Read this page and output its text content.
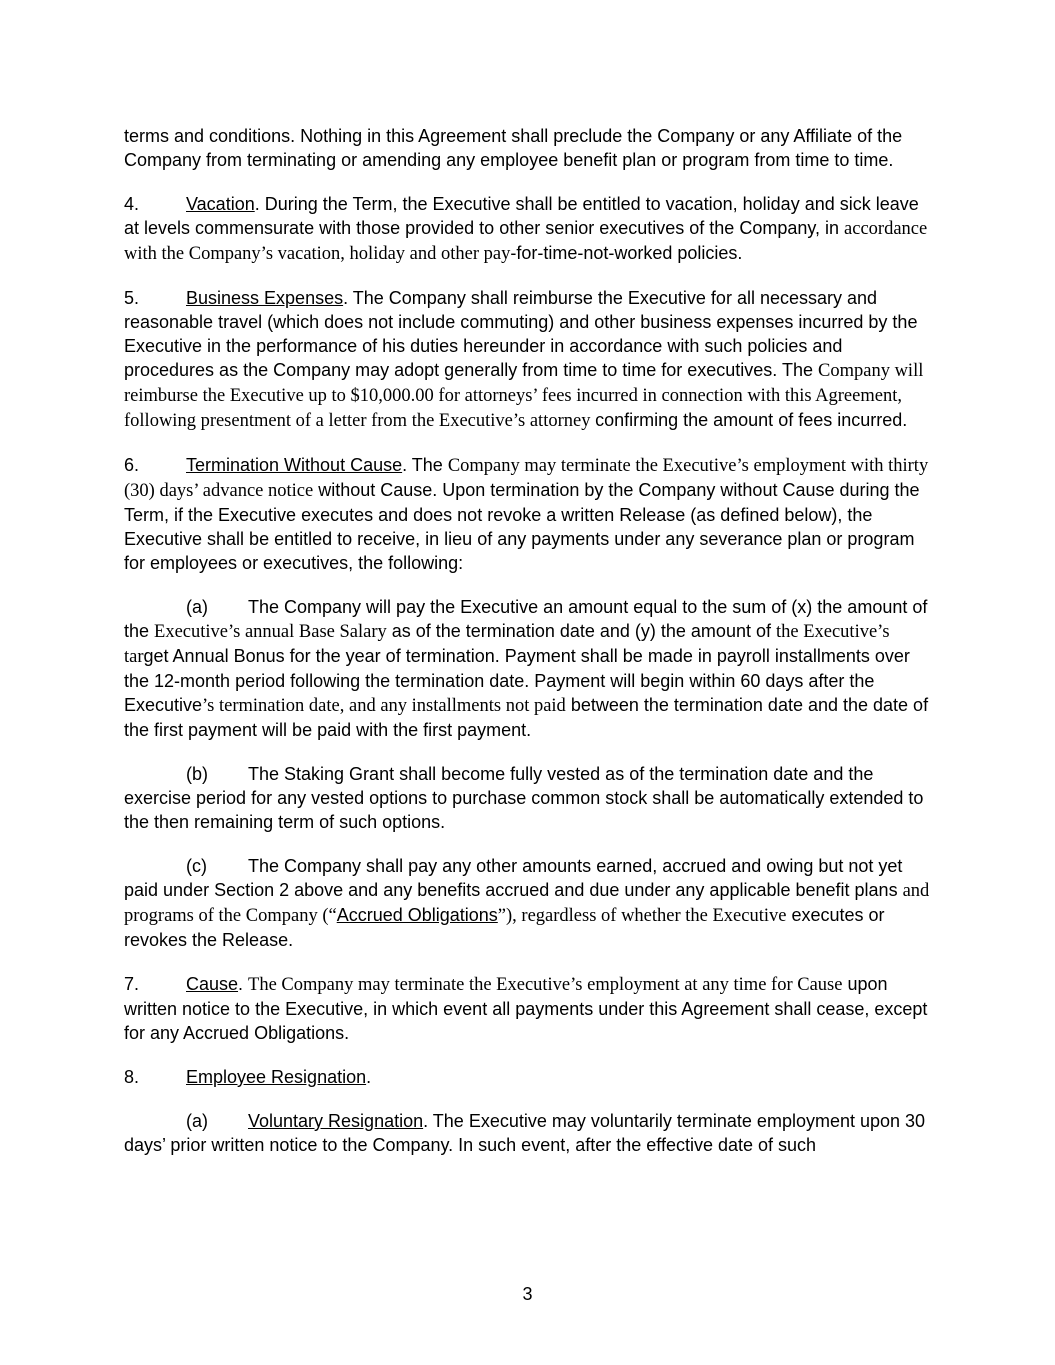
terms and conditions. Nothing in this Agreement shall preclude the Company or any Affiliate of the Company from terminating or amending any employee benefit plan or program from time to time.

4.	Vacation. During the Term, the Executive shall be entitled to vacation, holiday and sick leave at levels commensurate with those provided to other senior executives of the Company, in accordance with the Company’s vacation, holiday and other pay-for-time-not-worked policies.

5.	Business Expenses. The Company shall reimburse the Executive for all necessary and reasonable travel (which does not include commuting) and other business expenses incurred by the Executive in the performance of his duties hereunder in accordance with such policies and procedures as the Company may adopt generally from time to time for executives. The Company will reimburse the Executive up to $10,000.00 for attorneys’ fees incurred in connection with this Agreement, following presentment of a letter from the Executive’s attorney confirming the amount of fees incurred.

6.	Termination Without Cause. The Company may terminate the Executive’s employment with thirty (30) days’ advance notice without Cause. Upon termination by the Company without Cause during the Term, if the Executive executes and does not revoke a written Release (as defined below), the Executive shall be entitled to receive, in lieu of any payments under any severance plan or program for employees or executives, the following:

(a) The Company will pay the Executive an amount equal to the sum of (x) the amount of the Executive’s annual Base Salary as of the termination date and (y) the amount of the Executive’s target Annual Bonus for the year of termination. Payment shall be made in payroll installments over the 12-month period following the termination date. Payment will begin within 60 days after the Executive’s termination date, and any installments not paid between the termination date and the date of the first payment will be paid with the first payment.

(b) The Staking Grant shall become fully vested as of the termination date and the exercise period for any vested options to purchase common stock shall be automatically extended to the then remaining term of such options.

(c) The Company shall pay any other amounts earned, accrued and owing but not yet paid under Section 2 above and any benefits accrued and due under any applicable benefit plans and programs of the Company (“Accrued Obligations”), regardless of whether the Executive executes or revokes the Release.

7.	Cause. The Company may terminate the Executive’s employment at any time for Cause upon written notice to the Executive, in which event all payments under this Agreement shall cease, except for any Accrued Obligations.

8.	Employee Resignation.

(a) Voluntary Resignation. The Executive may voluntarily terminate employment upon 30 days’ prior written notice to the Company. In such event, after the effective date of such

3
